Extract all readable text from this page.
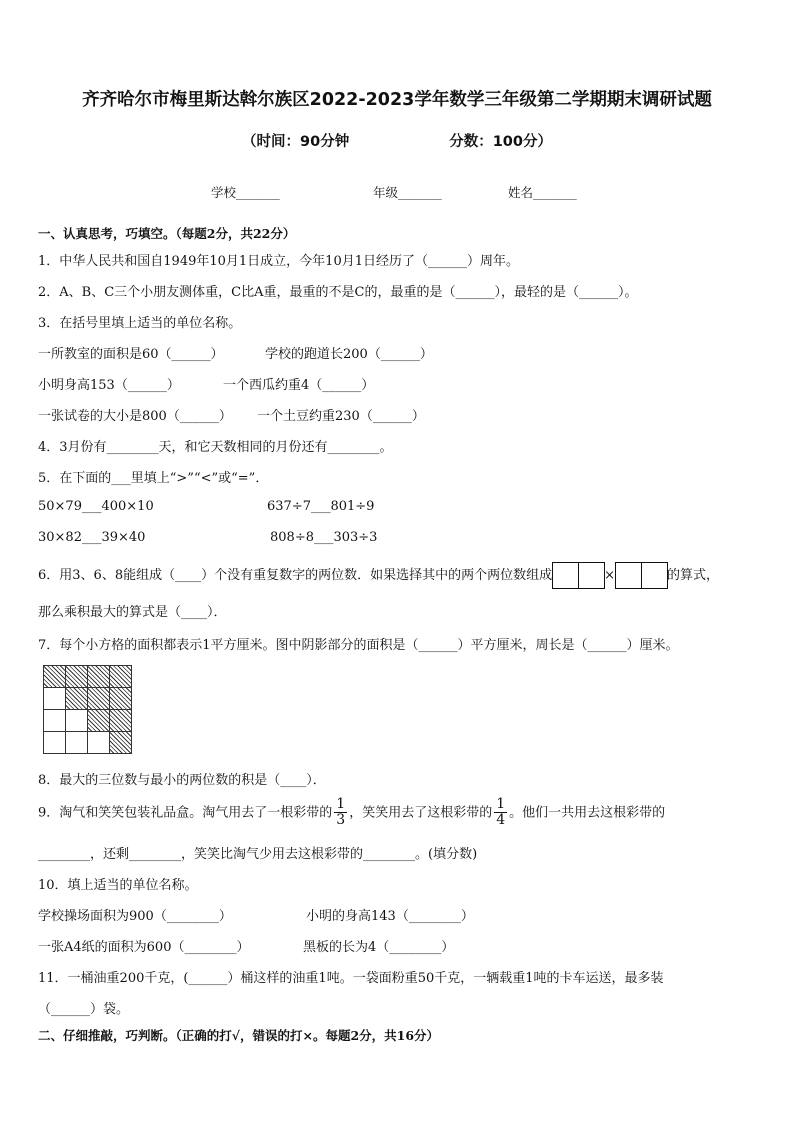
齐齐哈尔市梅里斯达斡尔族区2022-2023学年数学三年级第二学期期末调研试题
（时间：90分钟	分数：100分）
学校_______	年级_______	姓名_______
一、认真思考，巧填空。（每题2分，共22分）
1．中华人民共和国自1949年10月1日成立，今年10月1日经历了（______）周年。
2．A、B、C三个小朋友测体重，C比A重，最重的不是C的，最重的是（______），最轻的是（______）。
3．在括号里填上适当的单位名称。
一所教室的面积是60（______）	学校的跑道长200（______）
小明身高153（______）	一个西瓜约重4（______）
一张试卷的大小是800（______） 一个土豆约重230（______）
4．3月份有________天，和它天数相同的月份还有________。
5．在下面的___里填上“>”“<”或“=”．
50×79___400×10	637÷7___801÷9
30×82___39×40	808÷8___303÷3
6．用3、6、8能组成（____）个没有重复数字的两位数．如果选择其中的两个两位数组成	×	的算式，
那么乘积最大的算式是（____）．
7．每个小方格的面积都表示1平方厘米。图中阴影部分的面积是（______）平方厘米，周长是（______）厘米。
8．最大的三位数与最小的两位数的积是（____）．
9．淘气和笑笑包装礼品盒。淘气用去了一根彩带的 $\frac{1}{3}$ ，笑笑用去了这根彩带的 $\frac{1}{4}$ 。他们一共用去这根彩带的
________，还剩________，笑笑比淘气少用去这根彩带的________。(填分数)
10．填上适当的单位名称。
学校操场面积为900（________）	小明的身高143（________）
一张A4纸的面积为600（________）	黑板的长为4（________）
11．一桶油重200千克，(______）桶这样的油重1吨。一袋面粉重50千克，一辆载重1吨的卡车运送，最多装
（______）袋。
二、仔细推敲，巧判断。（正确的打√，错误的打×。每题2分，共16分）
